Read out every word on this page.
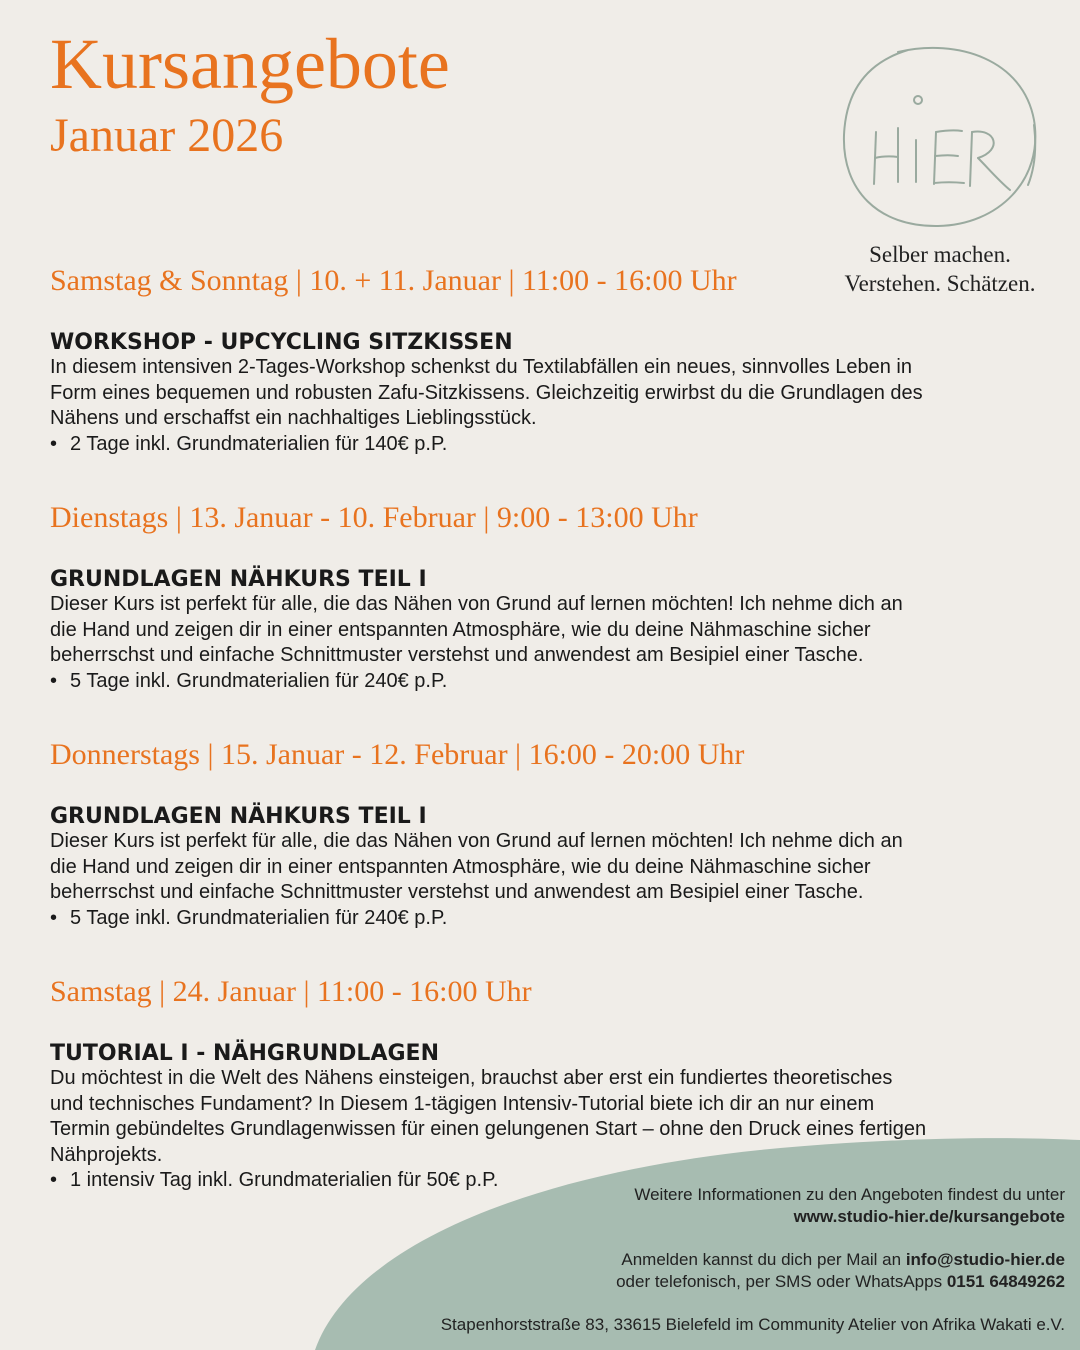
Kursangebote
Januar 2026
Selber machen.
Verstehen. Schätzen.
Samstag & Sonntag | 10. + 11. Januar | 11:00 - 16:00 Uhr
WORKSHOP - UPCYCLING SITZKISSEN
In diesem intensiven 2-Tages-Workshop schenkst du Textilabfällen ein neues, sinnvolles Leben in Form eines bequemen und robusten Zafu-Sitzkissens. Gleichzeitig erwirbst du die Grundlagen des Nähens und erschaffst ein nachhaltiges Lieblingsstück.
• 2 Tage inkl. Grundmaterialien für 140€ p.P.
Dienstags | 13. Januar - 10. Februar | 9:00 - 13:00 Uhr
GRUNDLAGEN NÄHKURS TEIL I
Dieser Kurs ist perfekt für alle, die das Nähen von Grund auf lernen möchten! Ich nehme dich an die Hand und zeigen dir in einer entspannten Atmosphäre, wie du deine Nähmaschine sicher beherrschst und einfache Schnittmuster verstehst und anwendest am Besipiel einer Tasche.
• 5 Tage inkl. Grundmaterialien für 240€ p.P.
Donnerstags | 15. Januar - 12. Februar | 16:00 - 20:00 Uhr
GRUNDLAGEN NÄHKURS TEIL I
Dieser Kurs ist perfekt für alle, die das Nähen von Grund auf lernen möchten! Ich nehme dich an die Hand und zeigen dir in einer entspannten Atmosphäre, wie du deine Nähmaschine sicher beherrschst und einfache Schnittmuster verstehst und anwendest am Besipiel einer Tasche.
• 5 Tage inkl. Grundmaterialien für 240€ p.P.
Samstag | 24. Januar | 11:00 - 16:00 Uhr
TUTORIAL I - NÄHGRUNDLAGEN
Du möchtest in die Welt des Nähens einsteigen, brauchst aber erst ein fundiertes theoretisches und technisches Fundament? In Diesem 1-tägigen Intensiv-Tutorial biete ich dir an nur einem Termin gebündeltes Grundlagenwissen für einen gelungenen Start – ohne den Druck eines fertigen Nähprojekts.
• 1 intensiv Tag inkl. Grundmaterialien für 50€ p.P.
Weitere Informationen zu den Angeboten findest du unter
www.studio-hier.de/kursangebote
Anmelden kannst du dich per Mail an info@studio-hier.de
oder telefonisch, per SMS oder WhatsApps 0151 64849262
Stapenhorststraße 83, 33615 Bielefeld im Community Atelier von Afrika Wakati e.V.
